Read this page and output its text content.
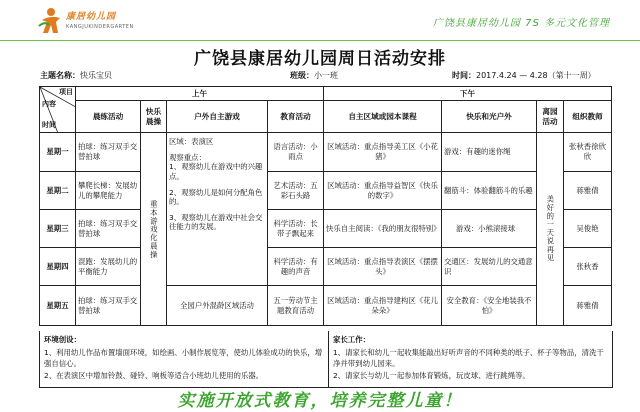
康居幼儿园
KANGJUKINDERGARTEN	广饶县康居幼儿园 7S 多元文化管理
广饶县康居幼儿园周日活动安排
主题名称：快乐宝贝	班级：小一班	时间：2017.4.24 — 4.28（第十一周）
项目
内容
时间	上午				下午			
	晨练活动	快乐晨操	户外自主游戏	教育活动	自主区域或园本课程	快乐和光户外	离园活动	组织教师
星期一	拍球：练习双手交替拍球	重本游戏化晨操	区域：表演区
观察重点：
1、观察幼儿在游戏中的兴趣点。
2、观察幼儿是如何分配角色的。
3、观察幼儿在游戏中社会交往能力的发展。	语言活动：小雨点	区域活动：重点指导美工区《小花猪》	游戏：有趣的迷你绳	美好的一天说再见	张秋香徐欣欣
星期二	攀爬长梯：发展幼儿的攀爬能力			艺术活动：五彩石头路	区域活动：重点指导益智区《快乐的数字》	翻筋斗：体验翻筋斗的乐趣		蒋雅倩
星期三	拍球：练习双手交替拍球			科学活动：长带子飘起来	快乐自主阅读：《我的朋友很特别》	游戏：小熊滚接球		吴俊艳
星期四	混跑：发展幼儿的平衡能力			科学活动：有趣的声音	区域活动：重点指导表演区《摆摆头》	交通区：发展幼儿的交通意识		张秋香
星期五	拍球：练习双手交替拍球		全园户外混龄区域活动	五一劳动节主题教育活动	区域活动：重点指导建构区《花儿朵朵》	安全教育：《安全地装我不怕》		蒋雅倩
环境创设：

1、利用幼儿作品布置墙面环境，如绘画、小制作展览等，使幼儿体验成功的快乐，增强自信心。

2、在表演区中增加铃鼓、碰铃、响板等适合小班幼儿使用的乐器。

家长工作：

1、请家长和幼儿一起收集能敲出好听声音的不同种类的纸子、杯子等物品，清洗干净并带到幼儿园来。

2、请家长与幼儿一起参加体育锻炼，玩皮球、进行跳绳等。

实施开放式教育，培养完整儿童！
